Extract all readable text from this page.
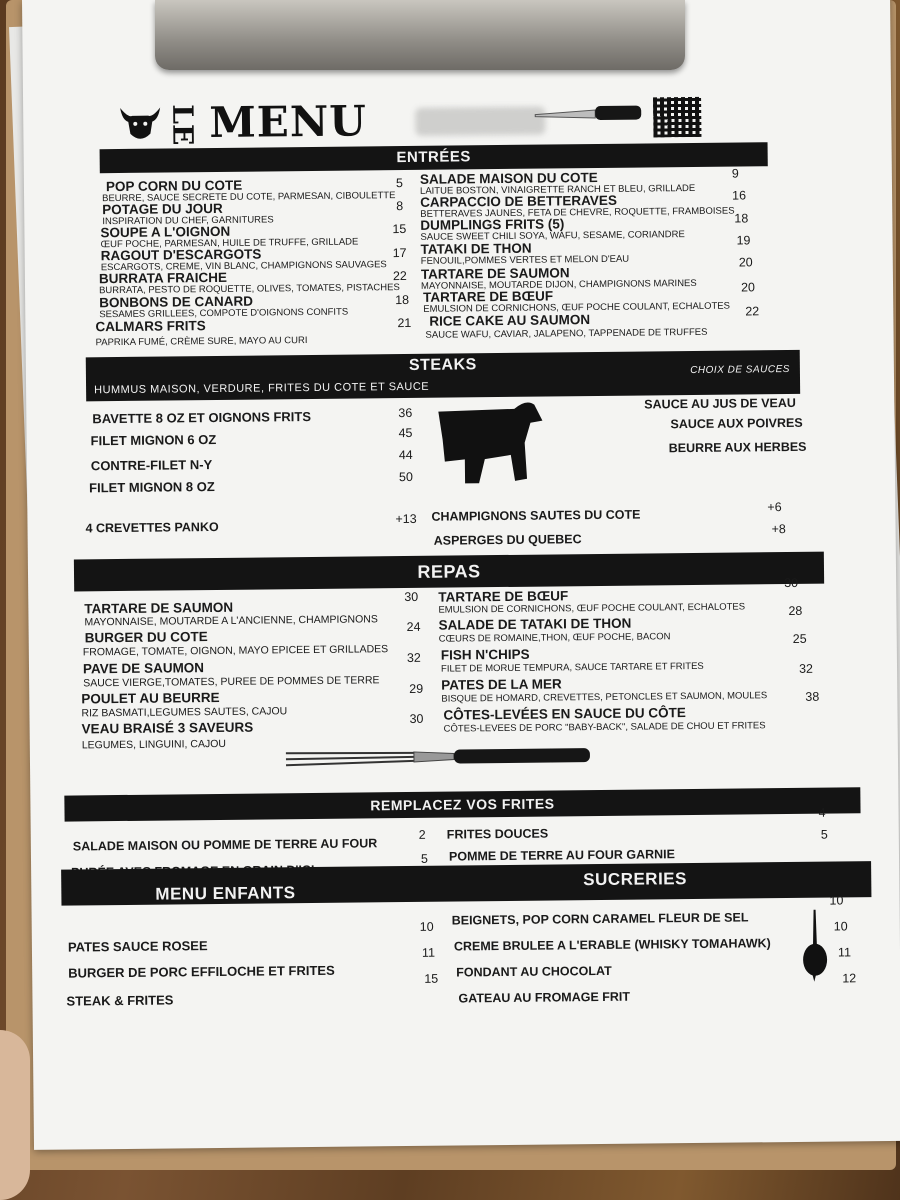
LE MENU
ENTRÉES
POP CORN DU COTE
BEURRE, SAUCE SECRETE DU COTE, PARMESAN, CIBOULETTE
5
POTAGE DU JOUR
INSPIRATION DU CHEF, GARNITURES
8
SOUPE A L'OIGNON
ŒUF POCHE, PARMESAN, HUILE DE TRUFFE, GRILLADE
15
RAGOUT D'ESCARGOTS
ESCARGOTS, CREME, VIN BLANC, CHAMPIGNONS SAUVAGES
17
BURRATA FRAICHE
BURRATA, PESTO DE ROQUETTE, OLIVES, TOMATES, PISTACHES
22
BONBONS DE CANARD
SESAMES GRILLEES, COMPOTE D'OIGNONS CONFITS
18
CALMARS FRITS
PAPRIKA FUMÉ, CRÈME SURE, MAYO AU CURI
21
SALADE MAISON DU COTE
LAITUE BOSTON, VINAIGRETTE RANCH ET BLEU, GRILLADE
9
CARPACCIO DE BETTERAVES
BETTERAVES JAUNES, FETA DE CHEVRE, ROQUETTE, FRAMBOISES
16
DUMPLINGS FRITS (5)
SAUCE SWEET CHILI SOYA, WAFU, SESAME, CORIANDRE
18
TATAKI DE THON
FENOUIL,POMMES VERTES ET MELON D'EAU
19
TARTARE DE SAUMON
MAYONNAISE, MOUTARDE DIJON, CHAMPIGNONS MARINES
20
TARTARE DE BŒUF
EMULSION DE CORNICHONS, ŒUF POCHE COULANT, ECHALOTES
20
RICE CAKE AU SAUMON
SAUCE WAFU, CAVIAR, JALAPENO, TAPPENADE DE TRUFFES
22
STEAKS
HUMMUS MAISON, VERDURE, FRITES DU COTE ET SAUCE
CHOIX DE SAUCES
BAVETTE 8 OZ ET OIGNONS FRITS	36
FILET MIGNON 6 OZ	45
CONTRE-FILET N-Y
44
FILET MIGNON 8 OZ
50
SAUCE AU JUS DE VEAU
SAUCE AUX POIVRES
BEURRE AUX HERBES
4 CREVETTES PANKO
+13 CHAMPIGNONS SAUTES DU COTE
+6
ASPERGES DU QUEBEC
+8
REPAS
TARTARE DE SAUMON
MAYONNAISE, MOUTARDE A L'ANCIENNE, CHAMPIGNONS
30
BURGER DU COTE
FROMAGE, TOMATE, OIGNON, MAYO EPICEE ET GRILLADES
24
PAVE DE SAUMON
SAUCE VIERGE,TOMATES, PUREE DE POMMES DE TERRE
32
POULET AU BEURRE
RIZ BASMATI,LEGUMES SAUTES, CAJOU
29
VEAU BRAISÉ 3 SAVEURS
LEGUMES, LINGUINI, CAJOU
30
TARTARE DE BŒUF
EMULSION DE CORNICHONS, ŒUF POCHE COULANT, ECHALOTES
30
SALADE DE TATAKI DE THON
CŒURS DE ROMAINE,THON, ŒUF POCHE, BACON
28
FISH N'CHIPS
FILET DE MORUE TEMPURA, SAUCE TARTARE ET FRITES
25
PATES DE LA MER
BISQUE DE HOMARD, CREVETTES, PETONCLES ET SAUMON, MOULES
32
CÔTES-LEVÉES EN SAUCE DU CÔTE
CÔTES-LEVEES DE PORC "BABY-BACK", SALADE DE CHOU ET FRITES
38
REMPLACEZ VOS FRITES
SALADE MAISON OU POMME DE TERRE AU FOUR
2
5
FRITES DOUCES
4
POMME DE TERRE AU FOUR GARNIE
5
MENU ENFANTS
SUCRERIES
PATES SAUCE ROSEE
10
BURGER DE PORC EFFILOCHE ET FRITES
11
STEAK & FRITES
15
BEIGNETS, POP CORN CARAMEL FLEUR DE SEL
10
CREME BRULEE A L'ERABLE (WHISKY TOMAHAWK)
10
FONDANT AU CHOCOLAT
11
GATEAU AU FROMAGE FRIT
12
